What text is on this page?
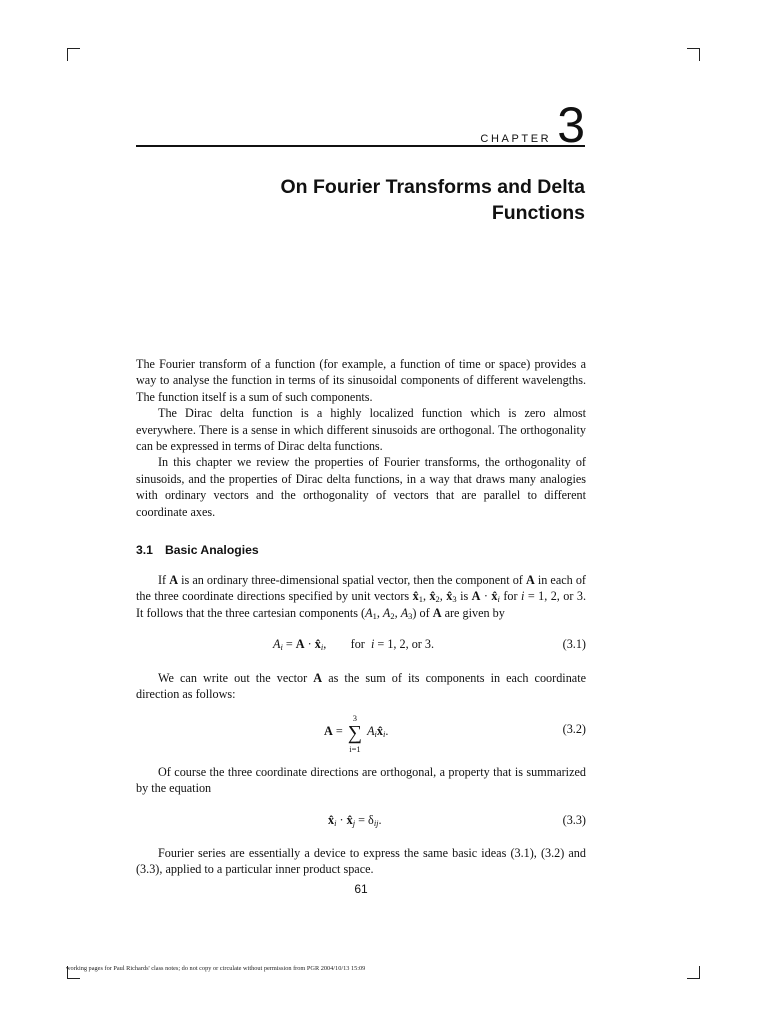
CHAPTER 3
On Fourier Transforms and Delta
Functions

The Fourier transform of a function (for example, a function of time or space) provides a way to analyse the function in terms of its sinusoidal components of different wavelengths. The function itself is a sum of such components.

The Dirac delta function is a highly localized function which is zero almost everywhere. There is a sense in which different sinusoids are orthogonal. The orthogonality can be expressed in terms of Dirac delta functions.

In this chapter we review the properties of Fourier transforms, the orthogonality of sinusoids, and the properties of Dirac delta functions, in a way that draws many analogies with ordinary vectors and the orthogonality of vectors that are parallel to different coordinate axes.

3.1 Basic Analogies

If A is an ordinary three-dimensional spatial vector, then the component of A in each of the three coordinate directions specified by unit vectors $x̂_1$, $x̂_2$, $x̂_3$ is $A \cdot x̂_i$ for i = 1, 2, or 3. It follows that the three cartesian components ($A_1$, $A_2$, $A_3$) of A are given by

$A_i = A$ · $x̂_i$,        for i = 1, 2, or 3.	(3.1)

We can write out the vector A as the sum of its components in each coordinate direction as follows:

A = ∑
3
i=1
$A_ix̂_i$.	(3.2)

Of course the three coordinate directions are orthogonal, a property that is summarized by the equation

$x̂_i$ · $x̂_j = \delta_{ij}$.	(3.3)

Fourier series are essentially a device to express the same basic ideas (3.1), (3.2) and (3.3), applied to a particular inner product space.

61
working pages for Paul Richards' class notes; do not copy or circulate without permission from PGR 2004/10/13 15:09
